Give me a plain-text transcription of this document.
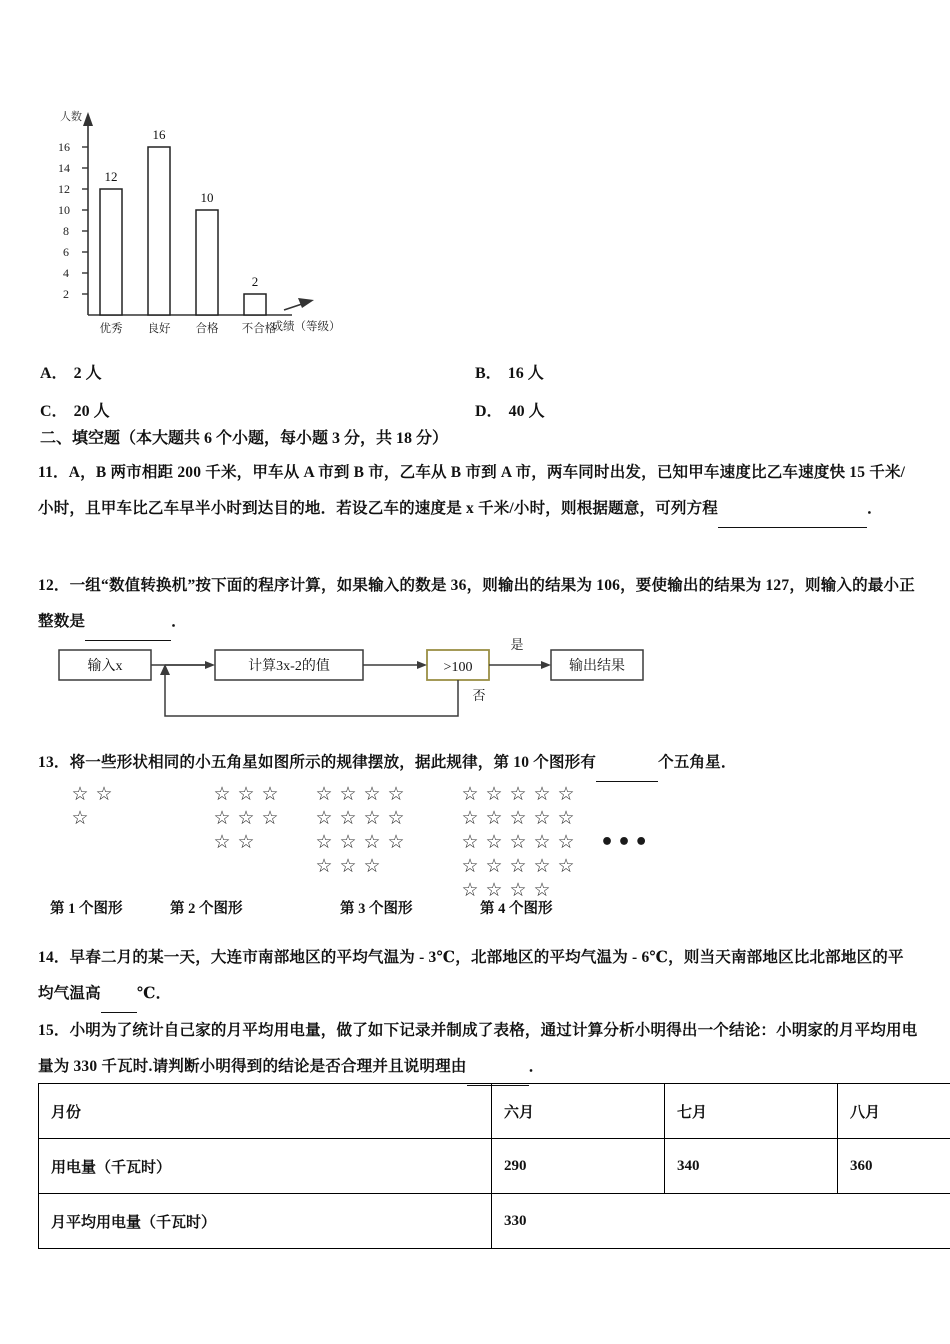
人数
2
4
6
8
10
12
14
16
12
16
10
2
优秀 良好 合格 不合格
成绩（等级）
A． 2 人	B． 16 人
C． 20 人	D． 40 人
二、填空题（本大题共 6 个小题，每小题 3 分，共 18 分）
11．A，B 两市相距 200 千米，甲车从 A 市到 B 市，乙车从 B 市到 A 市，两车同时出发，已知甲车速度比乙车速度快 15 千米/小时，且甲车比乙车早半小时到达目的地．若设乙车的速度是 x 千米/小时，则根据题意，可列方程	．
12．一组“数值转换机”按下面的程序计算，如果输入的数是 36，则输出的结果为 106，要使输出的结果为 127，则输入的最小正整数是	．
输入x	计算3x-2的值	>100	输出结果
是
否
13．将一些形状相同的小五角星如图所示的规律摆放，据此规律，第 10 个图形有	个五角星．
☆ ☆
☆
☆ ☆ ☆
☆ ☆ ☆
☆ ☆
☆ ☆ ☆ ☆
☆ ☆ ☆ ☆
☆ ☆ ☆ ☆
☆ ☆ ☆
☆ ☆ ☆ ☆ ☆
☆ ☆ ☆ ☆ ☆
☆ ☆ ☆ ☆ ☆
☆ ☆ ☆ ☆ ☆
☆ ☆ ☆ ☆
•••
第 1 个图形	第 2 个图形	第 3 个图形	第 4 个图形
14．早春二月的某一天，大连市南部地区的平均气温为 - 3℃，北部地区的平均气温为 - 6℃，则当天南部地区比北部地区的平均气温高 ℃．
15．小明为了统计自己家的月平均用电量，做了如下记录并制成了表格，通过计算分析小明得出一个结论：小明家的月平均用电量为 330 千瓦时.请判断小明得到的结论是否合理并且说明理由	．
月份	六月	七月	八月
用电量（千瓦时）	290	340	360
月平均用电量（千瓦时）	330		
